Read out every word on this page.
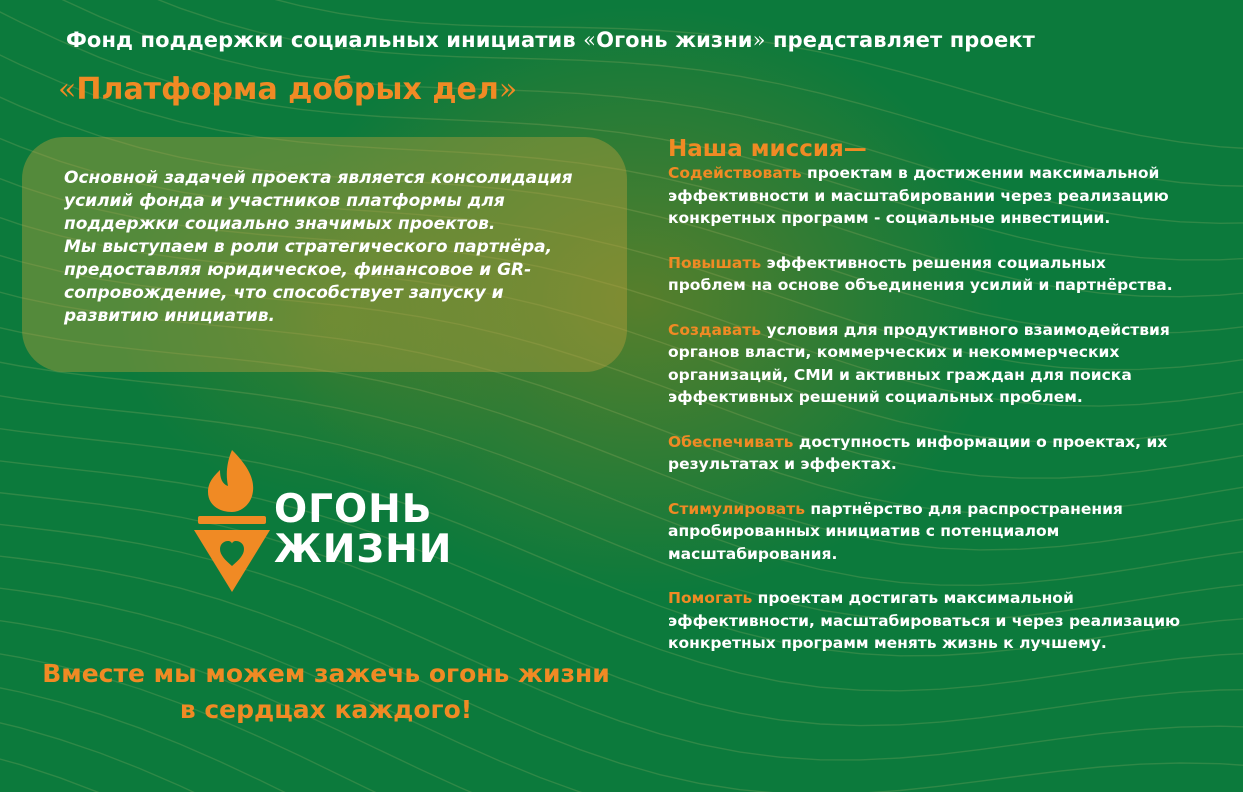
Фонд поддержки социальных инициатив «Огонь жизни» представляет проект
«Платформа добрых дел»
Основной задачей проекта является консолидация
усилий фонда и участников платформы для
поддержки социально значимых проектов.
Мы выступаем в роли стратегического партнёра,
предоставляя юридическое, финансовое и GR-
сопровождение, что способствует запуску и
развитию инициатив.
ОГОНЬ
ЖИЗНИ
Вместе мы можем зажечь огонь жизни
в сердцах каждого!
Наша миссия—
Содействовать проектам в достижении максимальной эффективности и масштабировании через реализацию конкретных программ - социальные инвестиции.
Повышать эффективность решения социальных проблем на основе объединения усилий и партнёрства.
Создавать условия для продуктивного взаимодействия органов власти, коммерческих и некоммерческих организаций, СМИ и активных граждан для поиска эффективных решений социальных проблем.
Обеспечивать доступность информации о проектах, их результатах и эффектах.
Стимулировать партнёрство для распространения апробированных инициатив с потенциалом масштабирования.
Помогать проектам достигать максимальной эффективности, масштабироваться и через реализацию конкретных программ менять жизнь к лучшему.
